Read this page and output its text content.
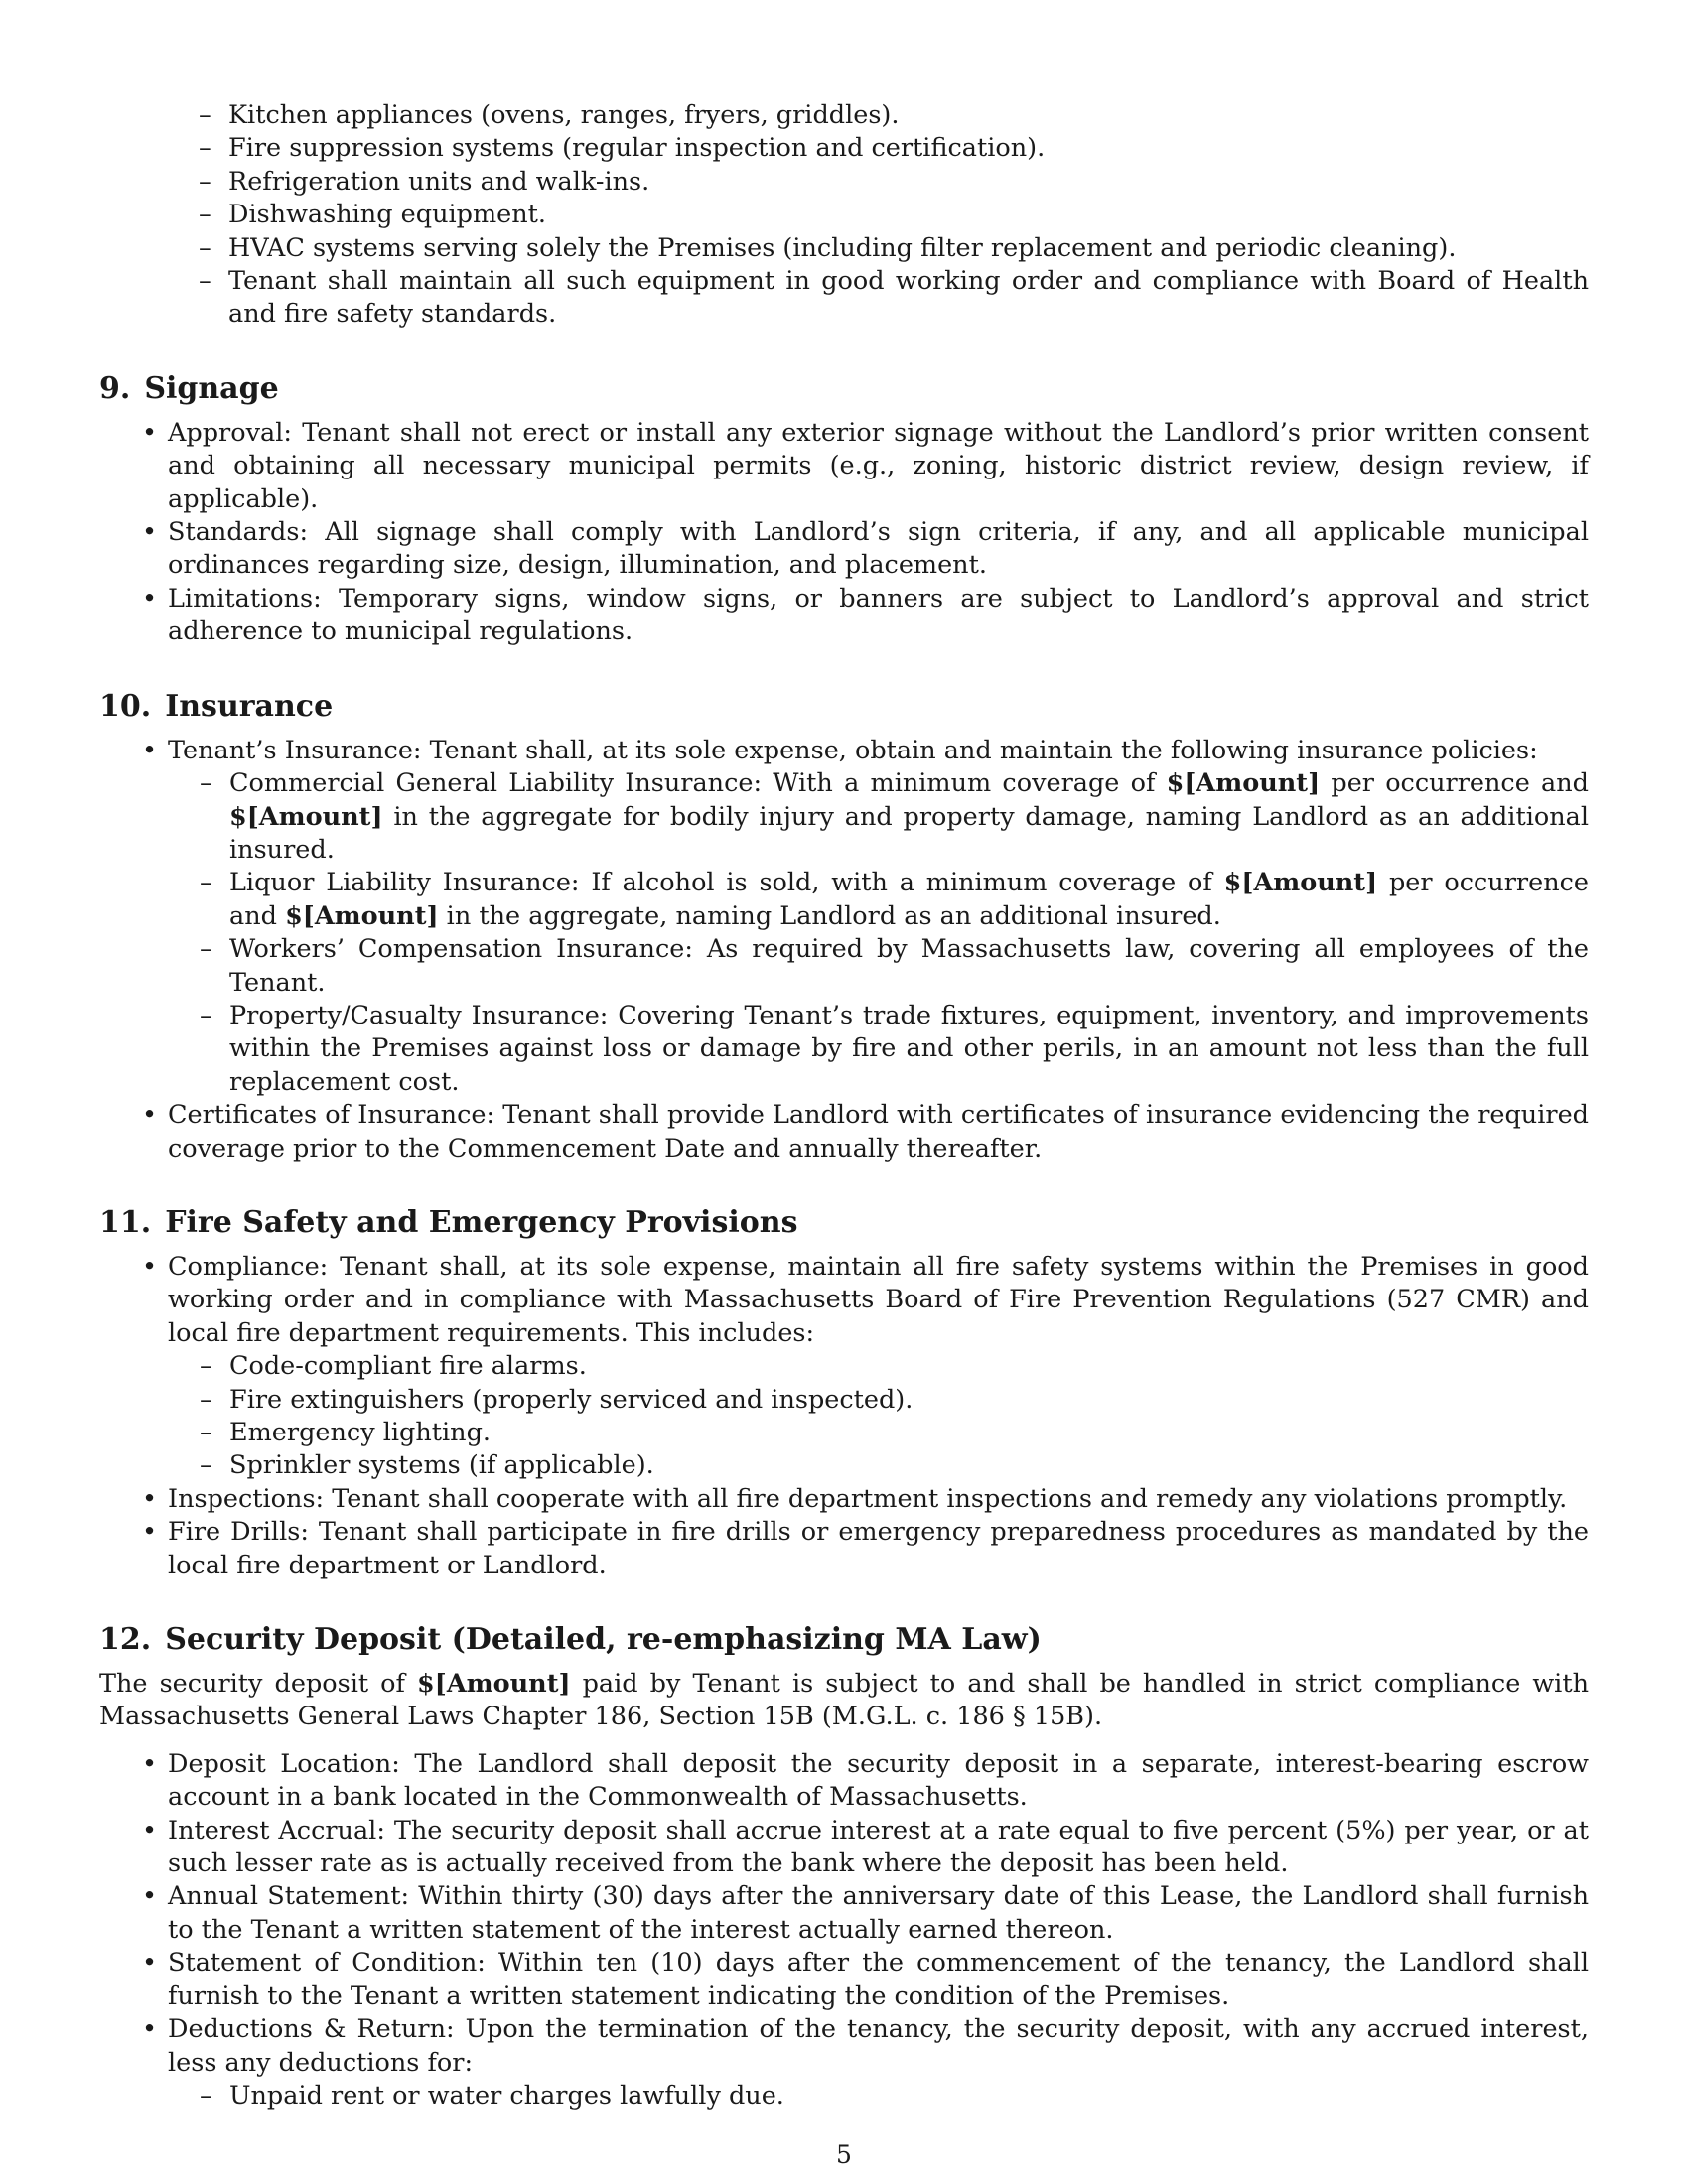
– Kitchen appliances (ovens, ranges, fryers, griddles).
– Fire suppression systems (regular inspection and certification).
– Refrigeration units and walk-ins.
– Dishwashing equipment.
– HVAC systems serving solely the Premises (including filter replacement and periodic cleaning).
– Tenant shall maintain all such equipment in good working order and compliance with Board of Health and fire safety standards.
9. Signage
• Approval: Tenant shall not erect or install any exterior signage without the Landlord’s prior written consent and obtaining all necessary municipal permits (e.g., zoning, historic district review, design review, if applicable).
• Standards: All signage shall comply with Landlord’s sign criteria, if any, and all applicable municipal ordinances regarding size, design, illumination, and placement.
• Limitations: Temporary signs, window signs, or banners are subject to Landlord’s approval and strict adherence to municipal regulations.
10. Insurance
• Tenant’s Insurance: Tenant shall, at its sole expense, obtain and maintain the following insurance policies:
– Commercial General Liability Insurance: With a minimum coverage of $[Amount] per occurrence and $[Amount] in the aggregate for bodily injury and property damage, naming Landlord as an additional insured.
– Liquor Liability Insurance: If alcohol is sold, with a minimum coverage of $[Amount] per occurrence and $[Amount] in the aggregate, naming Landlord as an additional insured.
– Workers’ Compensation Insurance: As required by Massachusetts law, covering all employees of the Tenant.
– Property/Casualty Insurance: Covering Tenant’s trade fixtures, equipment, inventory, and improvements within the Premises against loss or damage by fire and other perils, in an amount not less than the full replacement cost.
• Certificates of Insurance: Tenant shall provide Landlord with certificates of insurance evidencing the required coverage prior to the Commencement Date and annually thereafter.
11. Fire Safety and Emergency Provisions
• Compliance: Tenant shall, at its sole expense, maintain all fire safety systems within the Premises in good working order and in compliance with Massachusetts Board of Fire Prevention Regulations (527 CMR) and local fire department requirements. This includes:
– Code-compliant fire alarms.
– Fire extinguishers (properly serviced and inspected).
– Emergency lighting.
– Sprinkler systems (if applicable).
• Inspections: Tenant shall cooperate with all fire department inspections and remedy any violations promptly.
• Fire Drills: Tenant shall participate in fire drills or emergency preparedness procedures as mandated by the local fire department or Landlord.
12. Security Deposit (Detailed, re-emphasizing MA Law)

The security deposit of $[Amount] paid by Tenant is subject to and shall be handled in strict compliance with Massachusetts General Laws Chapter 186, Section 15B (M.G.L. c. 186 § 15B).

• Deposit Location: The Landlord shall deposit the security deposit in a separate, interest-bearing escrow account in a bank located in the Commonwealth of Massachusetts.
• Interest Accrual: The security deposit shall accrue interest at a rate equal to five percent (5%) per year, or at such lesser rate as is actually received from the bank where the deposit has been held.
• Annual Statement: Within thirty (30) days after the anniversary date of this Lease, the Landlord shall furnish to the Tenant a written statement of the interest actually earned thereon.
• Statement of Condition: Within ten (10) days after the commencement of the tenancy, the Landlord shall furnish to the Tenant a written statement indicating the condition of the Premises.
• Deductions & Return: Upon the termination of the tenancy, the security deposit, with any accrued interest, less any deductions for:
– Unpaid rent or water charges lawfully due.
5
